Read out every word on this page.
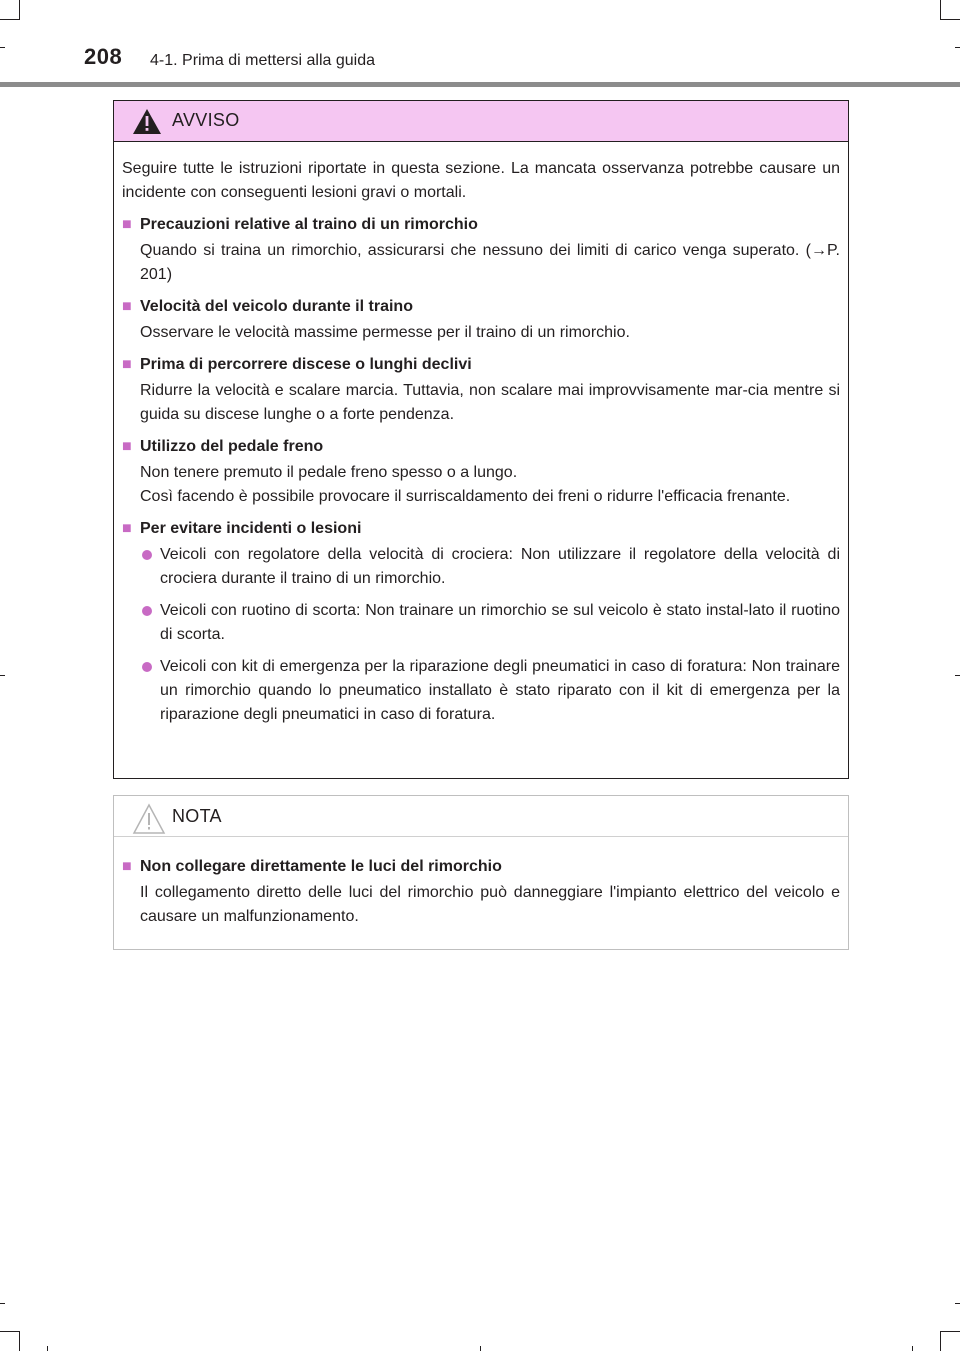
208 4-1. Prima di mettersi alla guida
AVVISO

Seguire tutte le istruzioni riportate in questa sezione. La mancata osservanza potrebbe causare un incidente con conseguenti lesioni gravi o mortali.

■ Precauzioni relative al traino di un rimorchio

Quando si traina un rimorchio, assicurarsi che nessuno dei limiti di carico venga superato. (→P. 201)

■ Velocità del veicolo durante il traino

Osservare le velocità massime permesse per il traino di un rimorchio.

■ Prima di percorrere discese o lunghi declivi

Ridurre la velocità e scalare marcia. Tuttavia, non scalare mai improvvisamente mar-cia mentre si guida su discese lunghe o a forte pendenza.

■ Utilizzo del pedale freno

Non tenere premuto il pedale freno spesso o a lungo.

Così facendo è possibile provocare il surriscaldamento dei freni o ridurre l'efficacia frenante.

■ Per evitare incidenti o lesioni
Veicoli con regolatore della velocità di crociera: Non utilizzare il regolatore della velocità di crociera durante il traino di un rimorchio.
Veicoli con ruotino di scorta: Non trainare un rimorchio se sul veicolo è stato instal-lato il ruotino di scorta.
Veicoli con kit di emergenza per la riparazione degli pneumatici in caso di foratura: Non trainare un rimorchio quando lo pneumatico installato è stato riparato con il kit di emergenza per la riparazione degli pneumatici in caso di foratura.
NOTA
■ Non collegare direttamente le luci del rimorchio

Il collegamento diretto delle luci del rimorchio può danneggiare l'impianto elettrico del veicolo e causare un malfunzionamento.
